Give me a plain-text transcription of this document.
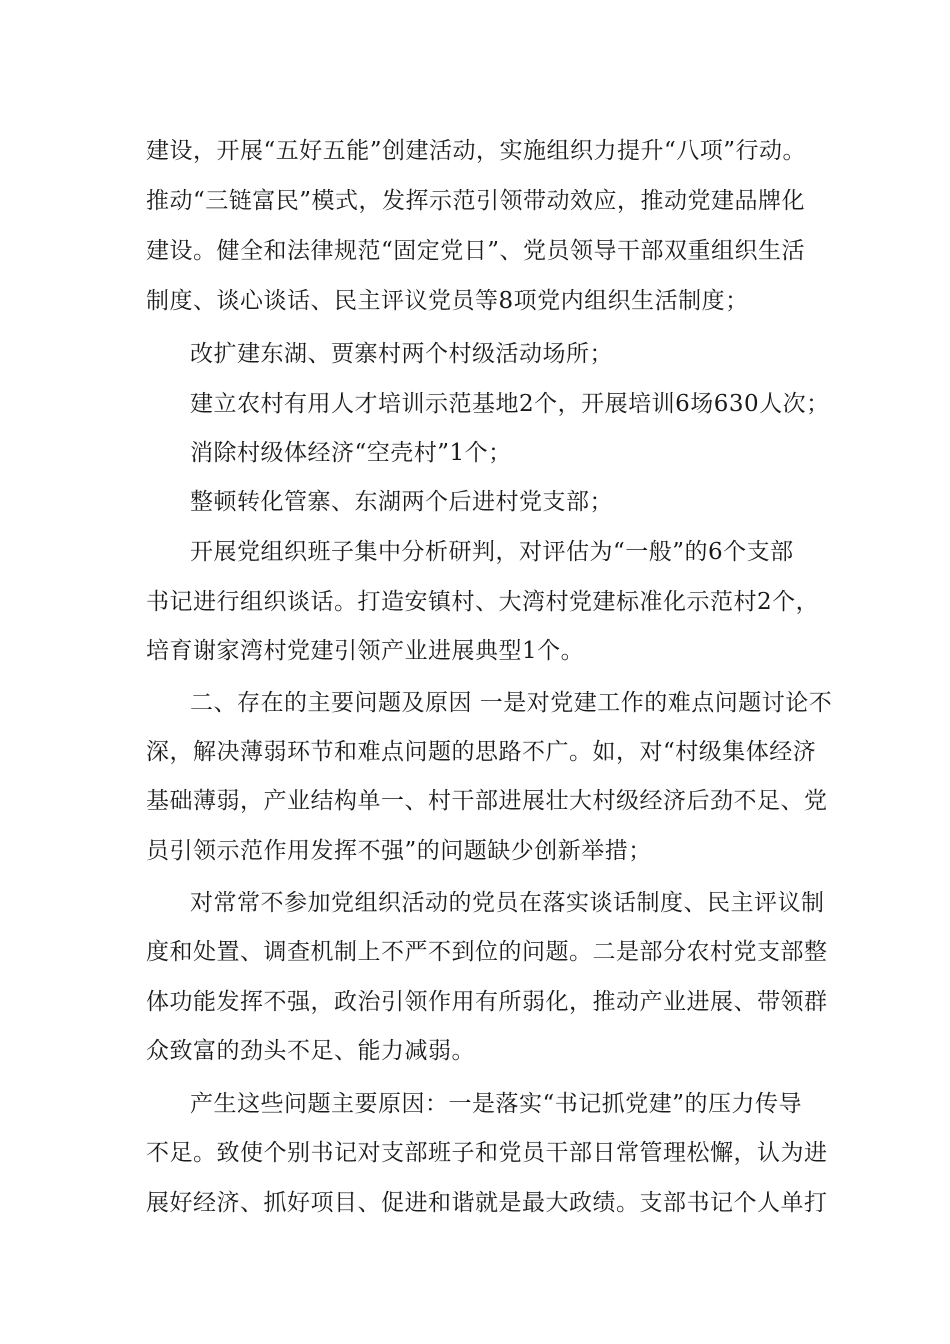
建设，开展“五好五能”创建活动，实施组织力提升“八项”行动。
推动“三链富民”模式，发挥示范引领带动效应，推动党建品牌化
建设。健全和法律规范“固定党日”、党员领导干部双重组织生活
制度、谈心谈话、民主评议党员等8项党内组织生活制度；
改扩建东湖、贾寨村两个村级活动场所；
建立农村有用人才培训示范基地2个，开展培训6场630人次；
消除村级体经济“空壳村”1个；
整顿转化管寨、东湖两个后进村党支部；
开展党组织班子集中分析研判，对评估为“一般”的6个支部
书记进行组织谈话。打造安镇村、大湾村党建标准化示范村2个，
培育谢家湾村党建引领产业进展典型1个。
二、存在的主要问题及原因 一是对党建工作的难点问题讨论不
深，解决薄弱环节和难点问题的思路不广。如，对“村级集体经济
基础薄弱，产业结构单一、村干部进展壮大村级经济后劲不足、党
员引领示范作用发挥不强”的问题缺少创新举措；
对常常不参加党组织活动的党员在落实谈话制度、民主评议制
度和处置、调查机制上不严不到位的问题。二是部分农村党支部整
体功能发挥不强，政治引领作用有所弱化，推动产业进展、带领群
众致富的劲头不足、能力减弱。
产生这些问题主要原因：一是落实“书记抓党建”的压力传导
不足。致使个别书记对支部班子和党员干部日常管理松懈，认为进
展好经济、抓好项目、促进和谐就是最大政绩。支部书记个人单打
